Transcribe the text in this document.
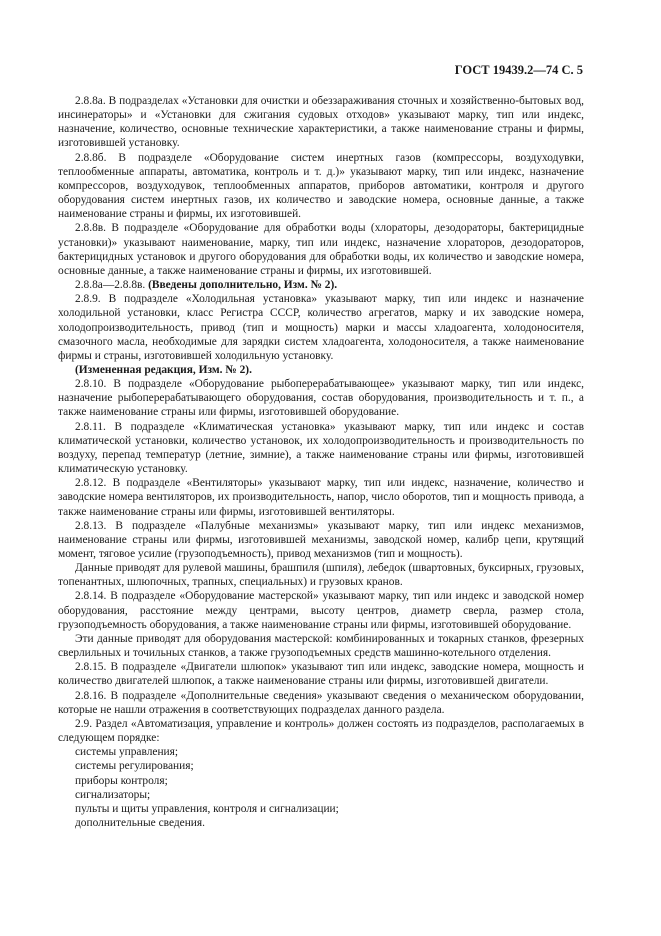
ГОСТ 19439.2—74 С. 5

2.8.8а. В подразделах «Установки для очистки и обеззараживания сточных и хозяйственно-бытовых вод, инсинераторы» и «Установки для сжигания судовых отходов» указывают марку, тип или индекс, назначение, количество, основные технические характеристики, а также наименование страны и фирмы, изготовившей установку.

2.8.8б. В подразделе «Оборудование систем инертных газов (компрессоры, воздуходувки, теплообменные аппараты, автоматика, контроль и т. д.)» указывают марку, тип или индекс, назначение компрессоров, воздуходувок, теплообменных аппаратов, приборов автоматики, контроля и другого оборудования систем инертных газов, их количество и заводские номера, основные данные, а также наименование страны и фирмы, их изготовившей.

2.8.8в. В подразделе «Оборудование для обработки воды (хлораторы, дезодораторы, бактерицидные установки)» указывают наименование, марку, тип или индекс, назначение хлораторов, дезодораторов, бактерицидных установок и другого оборудования для обработки воды, их количество и заводские номера, основные данные, а также наименование страны и фирмы, их изготовившей.

2.8.8а—2.8.8в. (Введены дополнительно, Изм. № 2).

2.8.9. В подразделе «Холодильная установка» указывают марку, тип или индекс и назначение холодильной установки, класс Регистра СССР, количество агрегатов, марку и их заводские номера, холодопроизводительность, привод (тип и мощность) марки и массы хладоагента, холодоносителя, смазочного масла, необходимые для зарядки систем хладоагента, холодоносителя, а также наименование фирмы и страны, изготовившей холодильную установку.

(Измененная редакция, Изм. № 2).

2.8.10. В подразделе «Оборудование рыбоперерабатывающее» указывают марку, тип или индекс, назначение рыбоперерабатывающего оборудования, состав оборудования, производительность и т. п., а также наименование страны или фирмы, изготовившей оборудование.

2.8.11. В подразделе «Климатическая установка» указывают марку, тип или индекс и состав климатической установки, количество установок, их холодопроизводительность и производительность по воздуху, перепад температур (летние, зимние), а также наименование страны или фирмы, изготовившей климатическую установку.

2.8.12. В подразделе «Вентиляторы» указывают марку, тип или индекс, назначение, количество и заводские номера вентиляторов, их производительность, напор, число оборотов, тип и мощность привода, а также наименование страны или фирмы, изготовившей вентиляторы.

2.8.13. В подразделе «Палубные механизмы» указывают марку, тип или индекс механизмов, наименование страны или фирмы, изготовившей механизмы, заводской номер, калибр цепи, крутящий момент, тяговое усилие (грузоподъемность), привод механизмов (тип и мощность).

Данные приводят для рулевой машины, брашпиля (шпиля), лебедок (швартовных, буксирных, грузовых, топенантных, шлюпочных, трапных, специальных) и грузовых кранов.

2.8.14. В подразделе «Оборудование мастерской» указывают марку, тип или индекс и заводской номер оборудования, расстояние между центрами, высоту центров, диаметр сверла, размер стола, грузоподъемность оборудования, а также наименование страны или фирмы, изготовившей оборудование.

Эти данные приводят для оборудования мастерской: комбинированных и токарных станков, фрезерных сверлильных и точильных станков, а также грузоподъемных средств машинно-котельного отделения.

2.8.15. В подразделе «Двигатели шлюпок» указывают тип или индекс, заводские номера, мощность и количество двигателей шлюпок, а также наименование страны или фирмы, изготовившей двигатели.

2.8.16. В подразделе «Дополнительные сведения» указывают сведения о механическом оборудовании, которые не нашли отражения в соответствующих подразделах данного раздела.

2.9. Раздел «Автоматизация, управление и контроль» должен состоять из подразделов, располагаемых в следующем порядке:

системы управления;

системы регулирования;

приборы контроля;

сигнализаторы;

пульты и щиты управления, контроля и сигнализации;

дополнительные сведения.
